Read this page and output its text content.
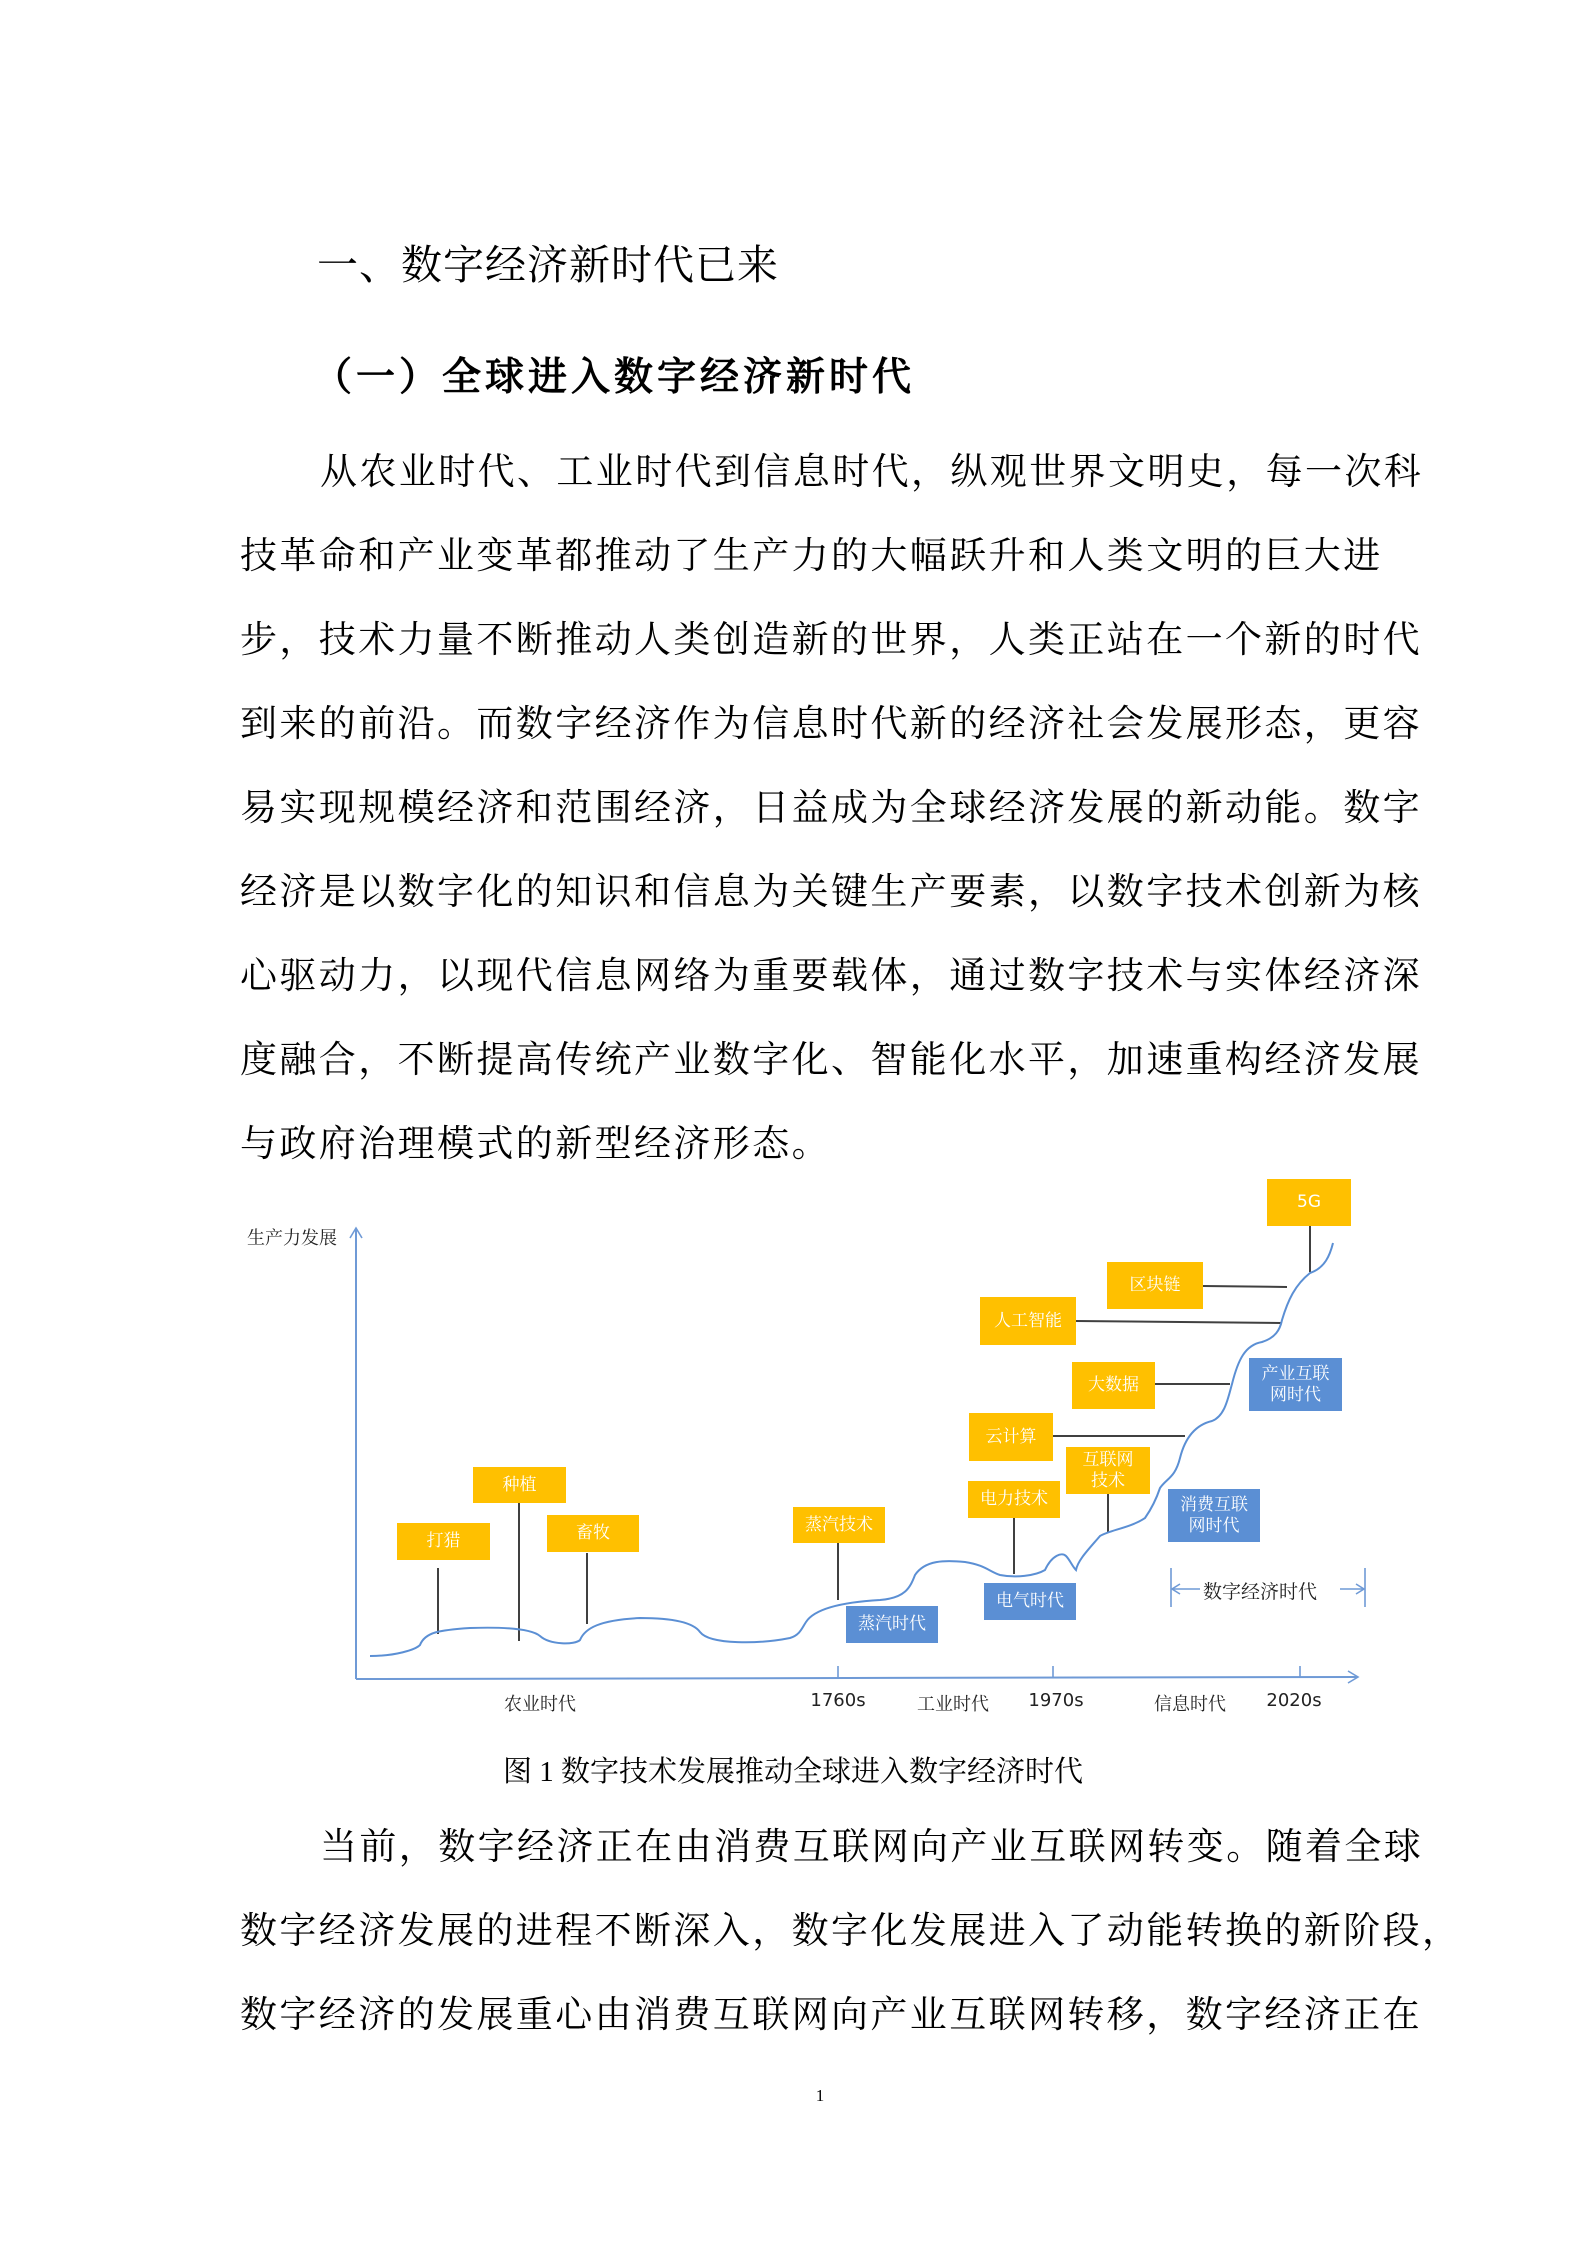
一、数字经济新时代已来
（一）全球进入数字经济新时代
从农业时代、工业时代到信息时代，纵观世界文明史，每一次科
技革命和产业变革都推动了生产力的大幅跃升和人类文明的巨大进
步，技术力量不断推动人类创造新的世界，人类正站在一个新的时代
到来的前沿。而数字经济作为信息时代新的经济社会发展形态，更容
易实现规模经济和范围经济，日益成为全球经济发展的新动能。数字
经济是以数字化的知识和信息为关键生产要素，以数字技术创新为核
心驱动力，以现代信息网络为重要载体，通过数字技术与实体经济深
度融合，不断提高传统产业数字化、智能化水平，加速重构经济发展
与政府治理模式的新型经济形态。
生产力发展
农业时代	1760s	工业时代 1970s	信息时代 2020s
打猎
种植
畜牧	蒸汽技术
电力技术
互联网
技术
云计算
大数据
人工智能
区块链
5G
蒸汽时代
电气时代
消费互联
网时代
产业互联
网时代
数字经济时代
图 1 数字技术发展推动全球进入数字经济时代
当前，数字经济正在由消费互联网向产业互联网转变。随着全球
数字经济发展的进程不断深入，数字化发展进入了动能转换的新阶段，
数字经济的发展重心由消费互联网向产业互联网转移，数字经济正在
1
